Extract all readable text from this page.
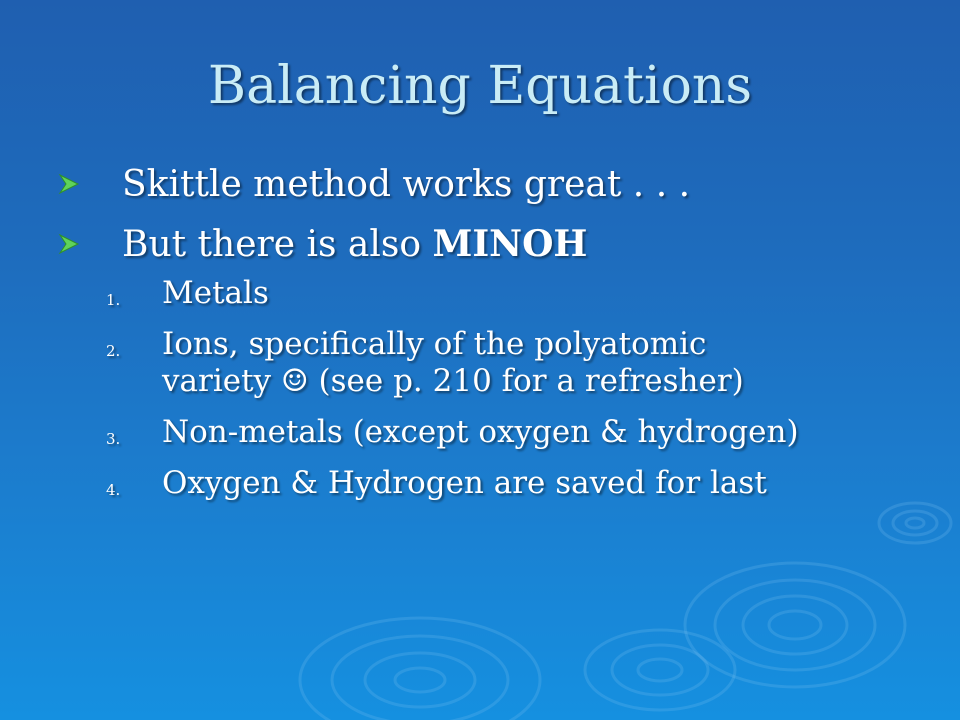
Balancing Equations
Skittle method works great . . .
But there is also MINOH
1.	Metals
2.	Ions, specifically of the polyatomic
variety ☺ (see p. 210 for a refresher)
3.	Non-metals (except oxygen & hydrogen)
4.	Oxygen & Hydrogen are saved for last
